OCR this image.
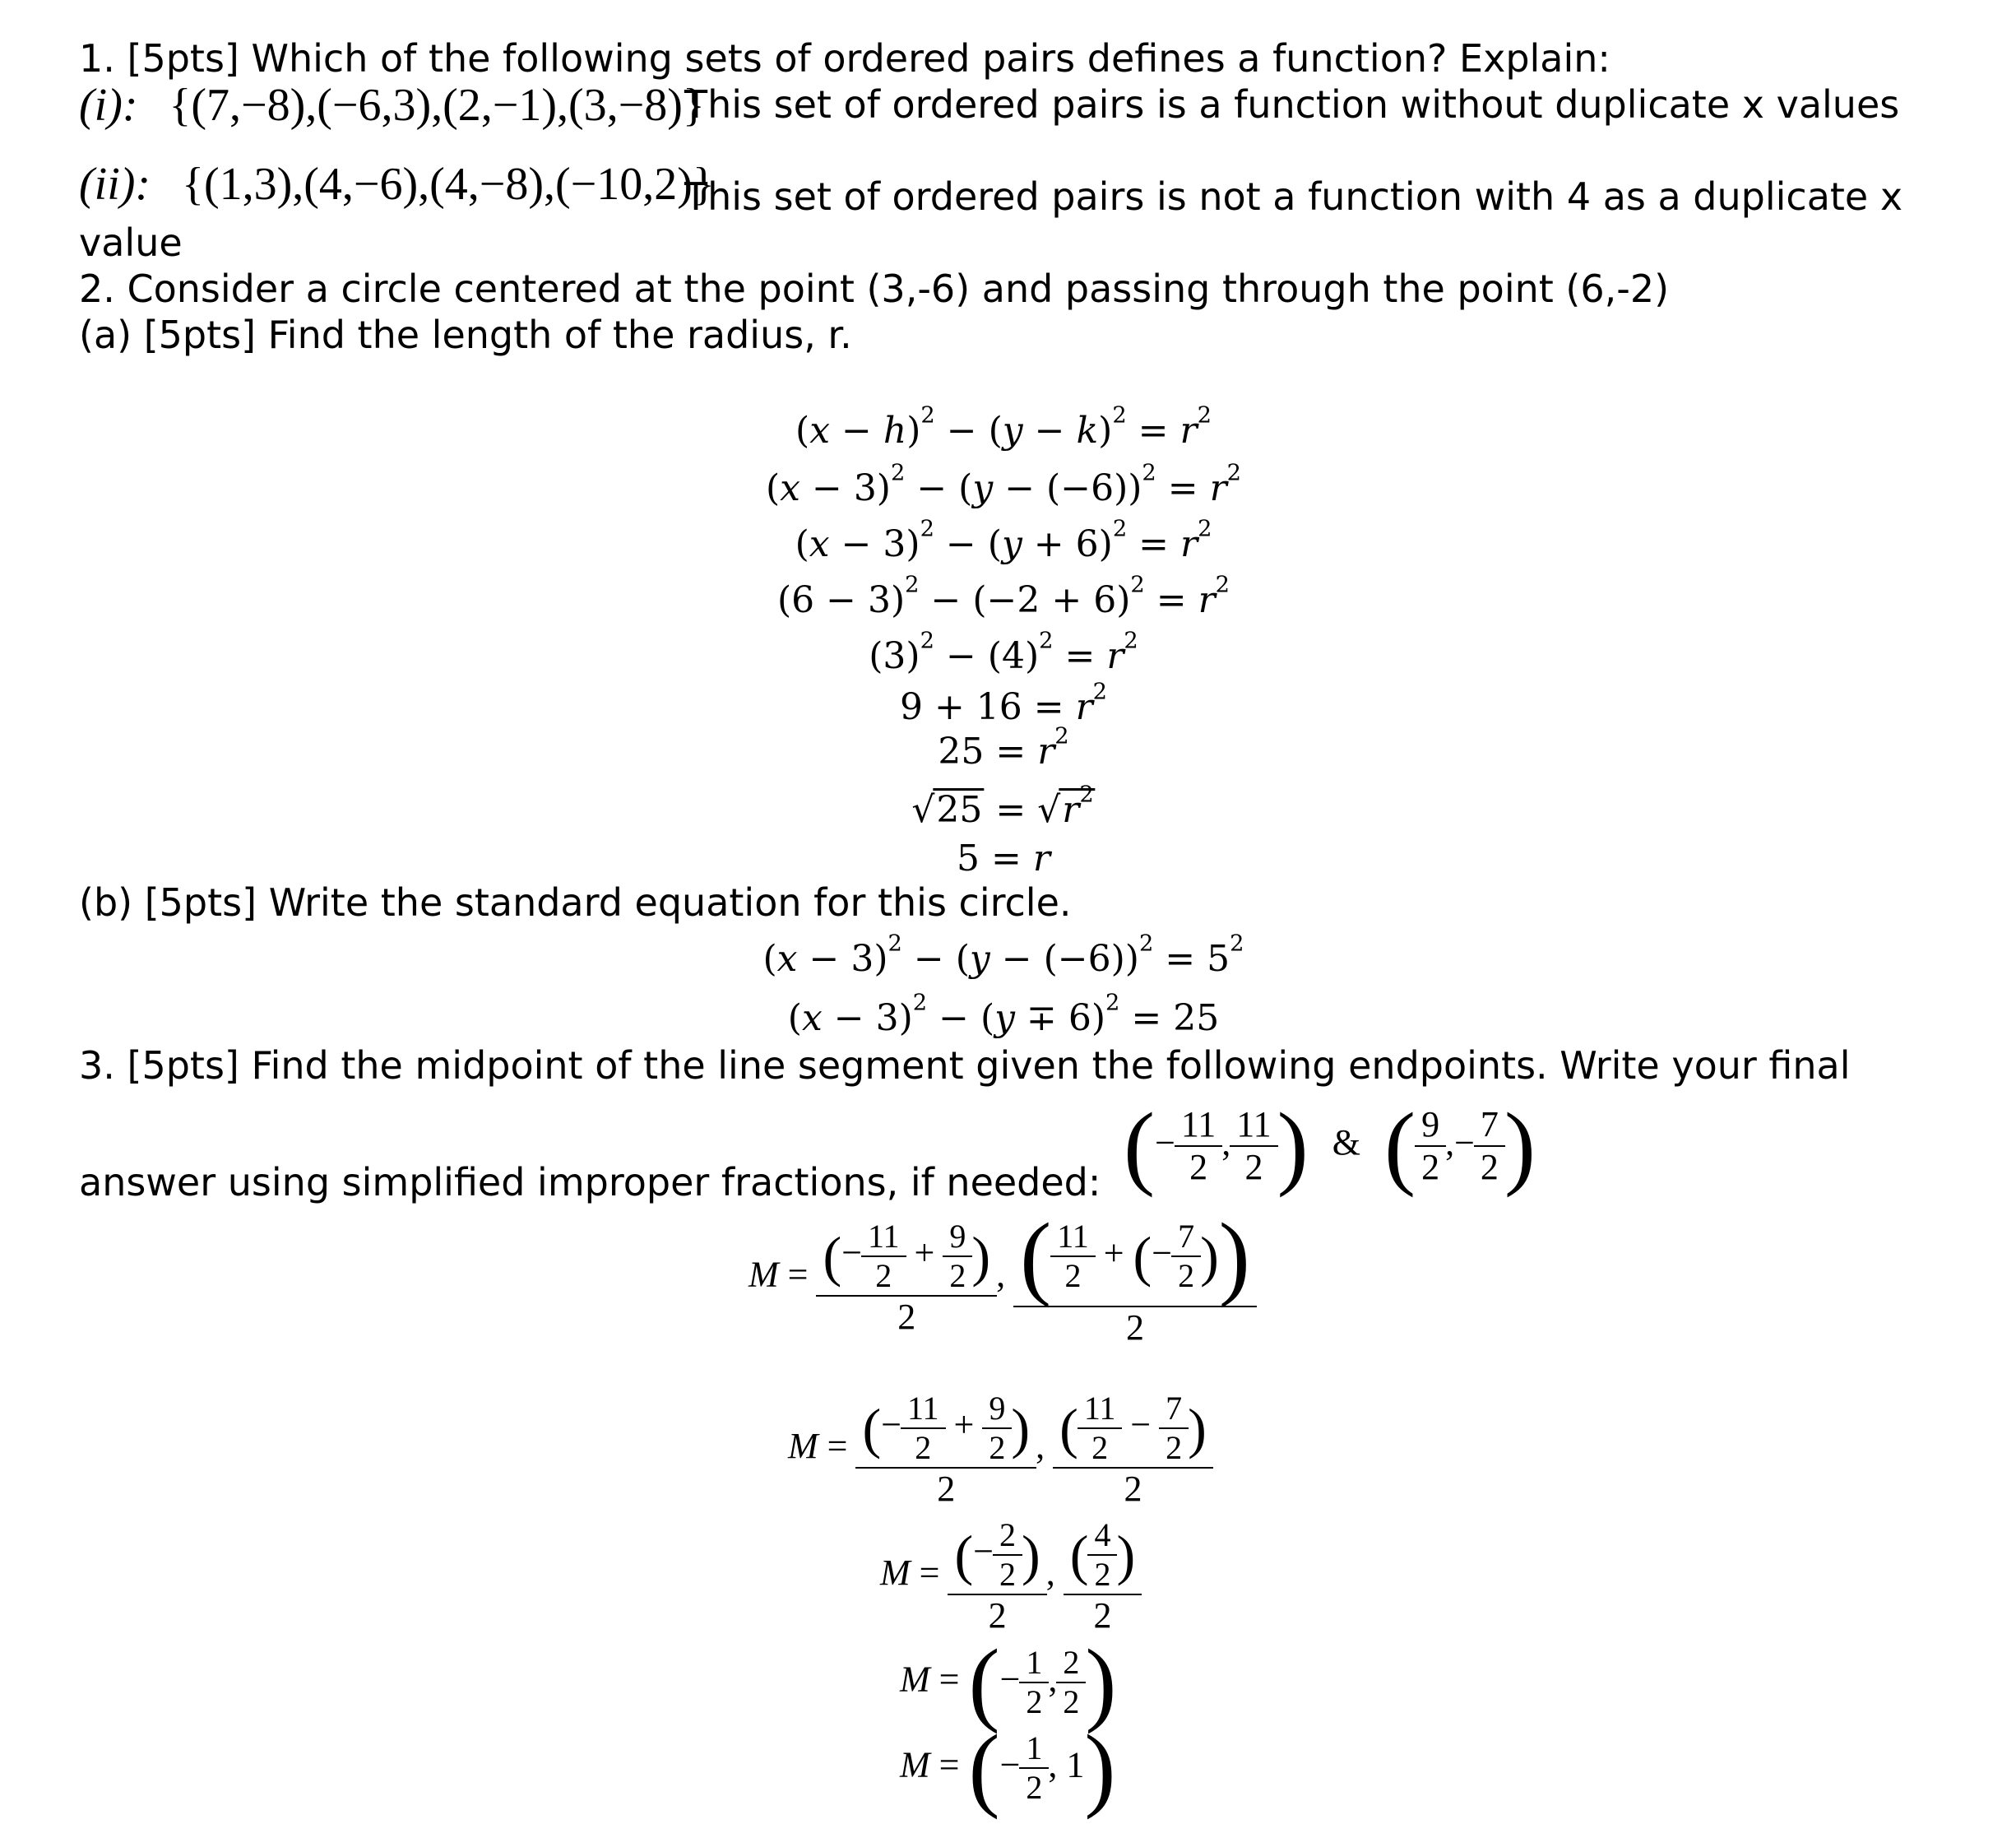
1. [5pts] Which of the following sets of ordered pairs defines a function? Explain:
(i): {(7,−8),(−6,3),(2,−1),(3,−8)}
This set of ordered pairs is a function without duplicate x values
(ii): {(1,3),(4,−6),(4,−8),(−10,2)}
This set of ordered pairs is not a function with 4 as a duplicate x
value
2. Consider a circle centered at the point (3,-6) and passing through the point (6,-2)
(a) [5pts] Find the length of the radius, r.
$(x - h)^2 - (y - k)^2 = r^2$
$(x - 3)^2 - (y - (-6))^2 = r^2$
$(x - 3)^2 - (y + 6)^2 = r^2$
$(6 - 3)^2 - (-2 + 6)^2 = r^2$
$(3)^2 - (4)^2 = r^2$
$9 + 16 = r^2$
$25 = r^2$
$√25 = √r^2$
5 = r
(b) [5pts] Write the standard equation for this circle.
$(x - 3)^2 - (y - (-6))^2 = 5^2$
$(x - 3)^2 - (y \mp 6)^2 = 25$
3. [5pts] Find the midpoint of the line segment given the following endpoints. Write your final
answer using simplified improper fractions, if needed: (− $\frac{11}{2}$ , $\frac{11}{2}$ ) & ( $\frac{9}{2}$ ,− $\frac{7}{2}$ )
$M = \frac{(- \frac{11}{2} + \frac{9}{2} )}{2}$ , $\frac{( \frac{11}{2} + (- \frac{7}{2} ))}{2}$
$M = \frac{(- \frac{11}{2} + \frac{9}{2} )}{2}$ , $\frac{( \frac{11}{2} - \frac{7}{2} )}{2}$
$M = \frac{(- \frac{2}{2} )}{2}$ , $\frac{( \frac{4}{2} )}{2}$
M = (− $\frac{1}{2}$ , $\frac{2}{2}$ )
M = (− $\frac{1}{2}$ , 1)
